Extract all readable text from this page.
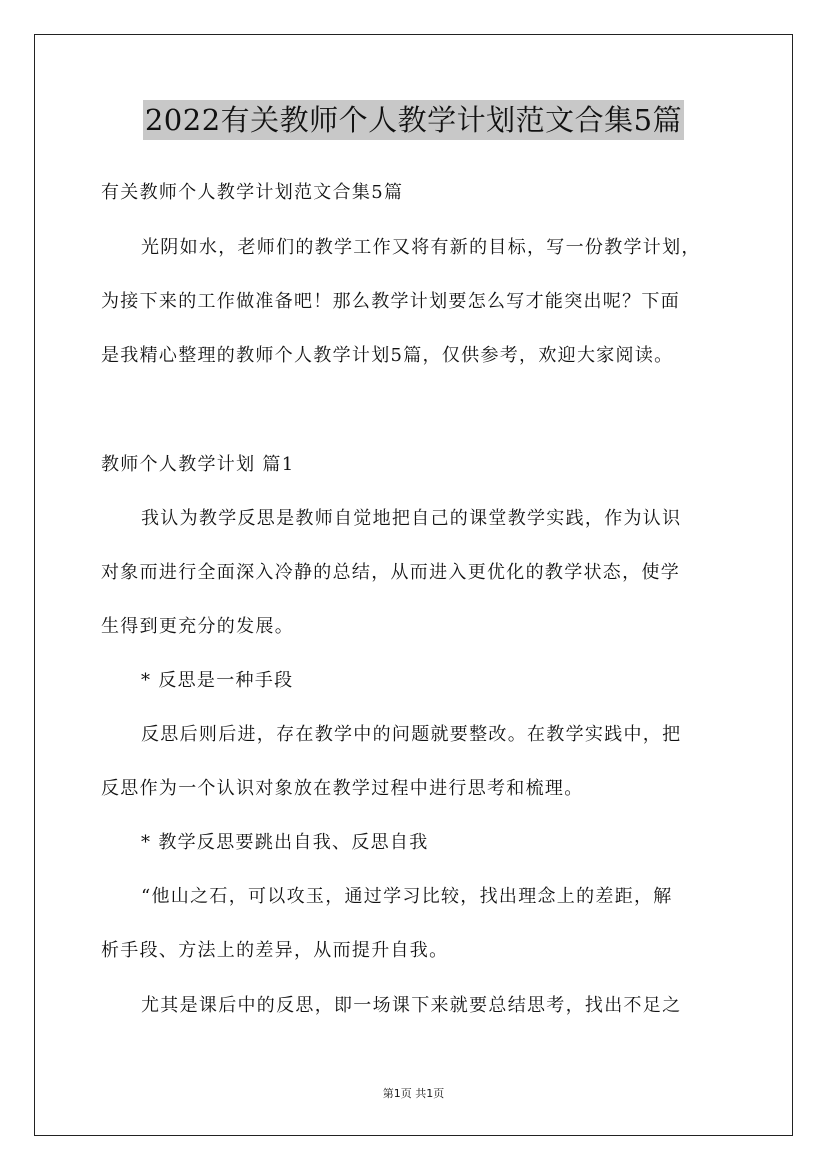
2022有关教师个人教学计划范文合集5篇
有关教师个人教学计划范文合集5篇
光阴如水，老师们的教学工作又将有新的目标，写一份教学计划，
为接下来的工作做准备吧！那么教学计划要怎么写才能突出呢？下面
是我精心整理的教师个人教学计划5篇，仅供参考，欢迎大家阅读。
教师个人教学计划 篇1
我认为教学反思是教师自觉地把自己的课堂教学实践，作为认识
对象而进行全面深入冷静的总结，从而进入更优化的教学状态，使学
生得到更充分的发展。
* 反思是一种手段
反思后则后进，存在教学中的问题就要整改。在教学实践中，把
反思作为一个认识对象放在教学过程中进行思考和梳理。
* 教学反思要跳出自我、反思自我
“他山之石，可以攻玉，通过学习比较，找出理念上的差距，解
析手段、方法上的差异，从而提升自我。
尤其是课后中的反思，即一场课下来就要总结思考，找出不足之
第1页 共1页
